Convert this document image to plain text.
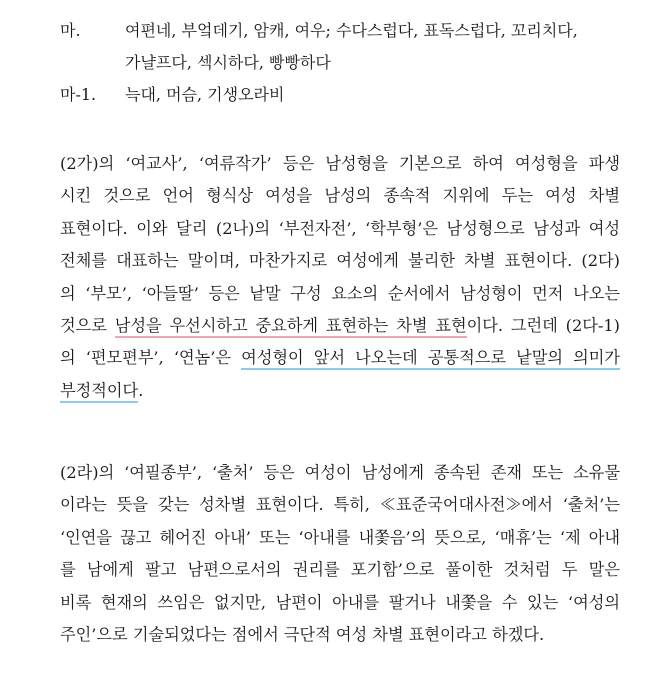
마.	여편네, 부엌데기, 암캐, 여우; 수다스럽다, 표독스럽다, 꼬리치다,
가냘프다, 섹시하다, 빵빵하다
마-1. 늑대, 머슴, 기생오라비
(2가)의 ‘여교사’, ‘여류작가’ 등은 남성형을 기본으로 하여 여성형을 파생
시킨 것으로 언어 형식상 여성을 남성의 종속적 지위에 두는 여성 차별
표현이다. 이와 달리 (2나)의 ‘부전자전’, ‘학부형’은 남성형으로 남성과 여성
전체를 대표하는 말이며, 마찬가지로 여성에게 불리한 차별 표현이다. (2다)
의 ‘부모’, ‘아들딸’ 등은 낱말 구성 요소의 순서에서 남성형이 먼저 나오는
것으로 남성을 우선시하고 중요하게 표현하는 차별 표현이다. 그런데 (2다-1)
의 ‘편모편부’, ‘연놈’은 여성형이 앞서 나오는데 공통적으로 낱말의 의미가
부정적이다.
(2라)의 ‘여필종부’, ‘출처’ 등은 여성이 남성에게 종속된 존재 또는 소유물
이라는 뜻을 갖는 성차별 표현이다. 특히, ≪표준국어대사전≫에서 ‘출처’는
‘인연을 끊고 헤어진 아내’ 또는 ‘아내를 내쫓음’의 뜻으로, ‘매휴’는 ‘제 아내
를 남에게 팔고 남편으로서의 권리를 포기함’으로 풀이한 것처럼 두 말은
비록 현재의 쓰임은 없지만, 남편이 아내를 팔거나 내쫓을 수 있는 ‘여성의
주인’으로 기술되었다는 점에서 극단적 여성 차별 표현이라고 하겠다.
